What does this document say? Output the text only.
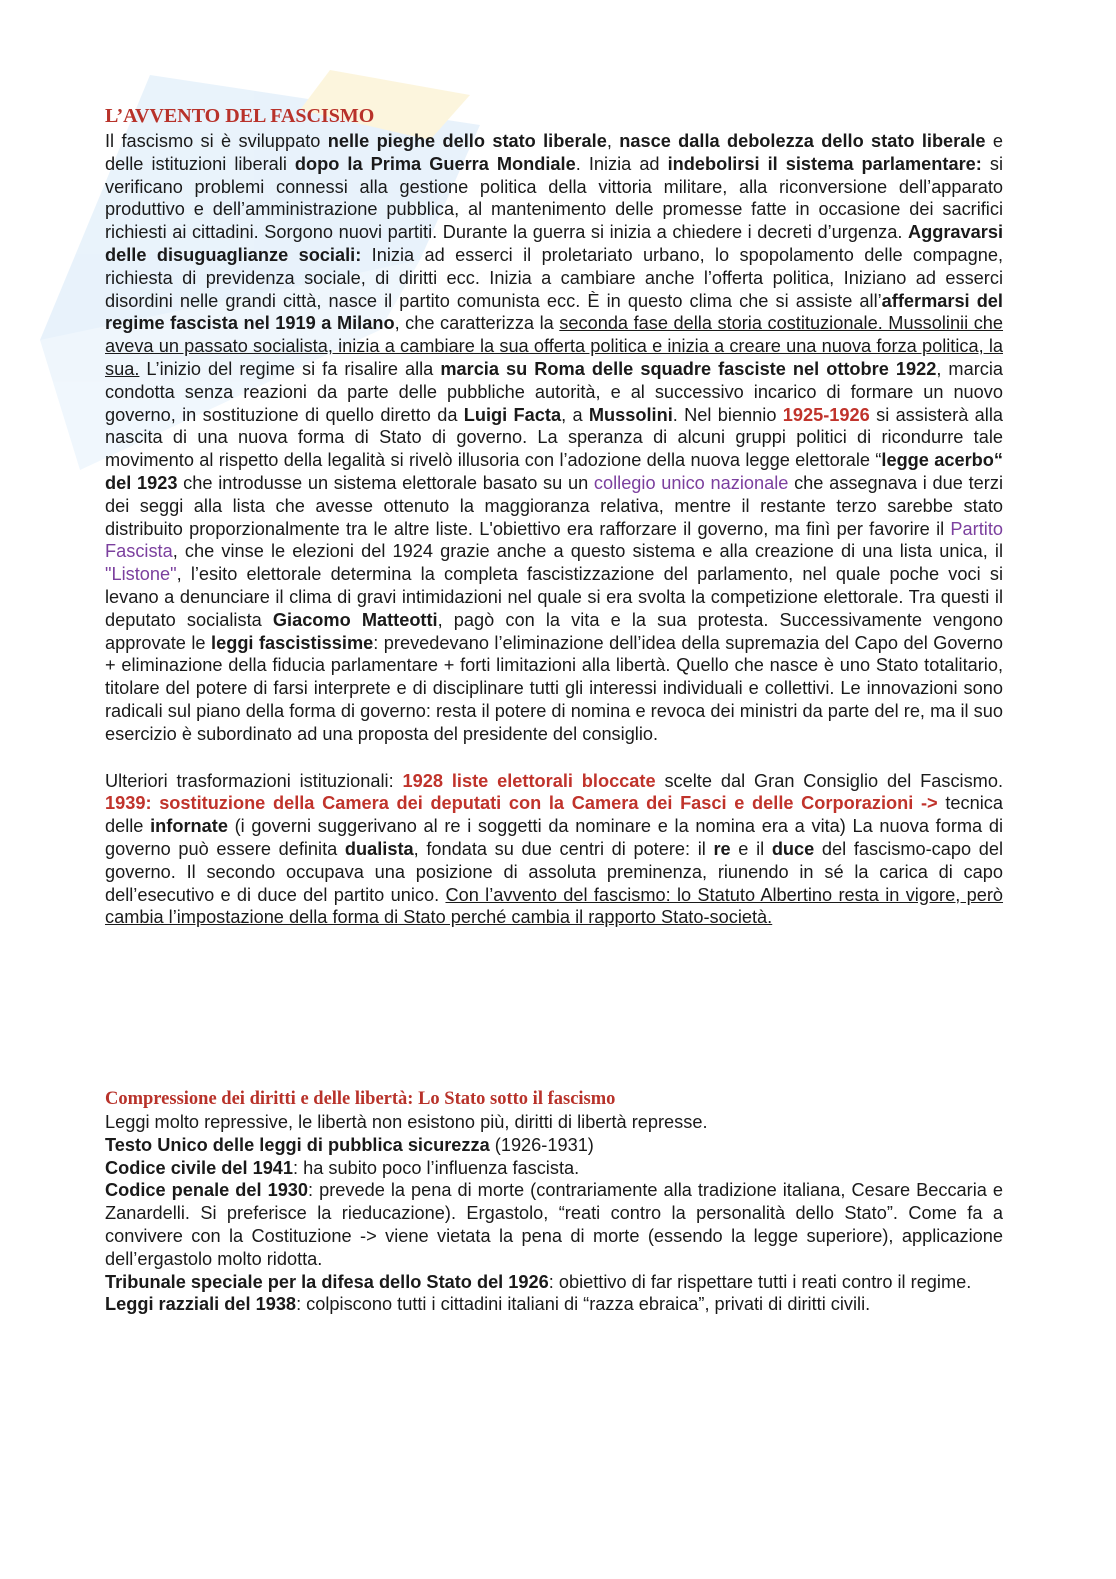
L’AVVENTO DEL FASCISMO

Il fascismo si è sviluppato nelle pieghe dello stato liberale, nasce dalla debolezza dello stato liberale e delle istituzioni liberali dopo la Prima Guerra Mondiale. Inizia ad indebolirsi il sistema parlamentare: si verificano problemi connessi alla gestione politica della vittoria militare, alla riconversione dell’apparato produttivo e dell’amministrazione pubblica, al mantenimento delle promesse fatte in occasione dei sacrifici richiesti ai cittadini. Sorgono nuovi partiti. Durante la guerra si inizia a chiedere i decreti d’urgenza. Aggravarsi delle disuguaglianze sociali: Inizia ad esserci il proletariato urbano, lo spopolamento delle compagne, richiesta di previdenza sociale, di diritti ecc. Inizia a cambiare anche l’offerta politica, Iniziano ad esserci disordini nelle grandi città, nasce il partito comunista ecc. È in questo clima che si assiste all’affermarsi del regime fascista nel 1919 a Milano, che caratterizza la seconda fase della storia costituzionale. Mussolinii che aveva un passato socialista, inizia a cambiare la sua offerta politica e inizia a creare una nuova forza politica, la sua. L’inizio del regime si fa risalire alla marcia su Roma delle squadre fasciste nel ottobre 1922, marcia condotta senza reazioni da parte delle pubbliche autorità, e al successivo incarico di formare un nuovo governo, in sostituzione di quello diretto da Luigi Facta, a Mussolini. Nel biennio 1925-1926 si assisterà alla nascita di una nuova forma di Stato di governo. La speranza di alcuni gruppi politici di ricondurre tale movimento al rispetto della legalità si rivelò illusoria con l’adozione della nuova legge elettorale “legge acerbo“ del 1923 che introdusse un sistema elettorale basato su un collegio unico nazionale che assegnava i due terzi dei seggi alla lista che avesse ottenuto la maggioranza relativa, mentre il restante terzo sarebbe stato distribuito proporzionalmente tra le altre liste. L'obiettivo era rafforzare il governo, ma finì per favorire il Partito Fascista, che vinse le elezioni del 1924 grazie anche a questo sistema e alla creazione di una lista unica, il "Listone", l’esito elettorale determina la completa fascistizzazione del parlamento, nel quale poche voci si levano a denunciare il clima di gravi intimidazioni nel quale si era svolta la competizione elettorale. Tra questi il deputato socialista Giacomo Matteotti, pagò con la vita e la sua protesta. Successivamente vengono approvate le leggi fascistissime: prevedevano l’eliminazione dell’idea della supremazia del Capo del Governo + eliminazione della fiducia parlamentare + forti limitazioni alla libertà. Quello che nasce è uno Stato totalitario, titolare del potere di farsi interprete e di disciplinare tutti gli interessi individuali e collettivi. Le innovazioni sono radicali sul piano della forma di governo: resta il potere di nomina e revoca dei ministri da parte del re, ma il suo esercizio è subordinato ad una proposta del presidente del consiglio.

Ulteriori trasformazioni istituzionali: 1928 liste elettorali bloccate scelte dal Gran Consiglio del Fascismo. 1939: sostituzione della Camera dei deputati con la Camera dei Fasci e delle Corporazioni -> tecnica delle infornate (i governi suggerivano al re i soggetti da nominare e la nomina era a vita) La nuova forma di governo può essere definita dualista, fondata su due centri di potere: il re e il duce del fascismo-capo del governo. Il secondo occupava una posizione di assoluta preminenza, riunendo in sé la carica di capo dell’esecutivo e di duce del partito unico. Con l’avvento del fascismo: lo Statuto Albertino resta in vigore, però cambia l’impostazione della forma di Stato perché cambia il rapporto Stato-società.

Compressione dei diritti e delle libertà: Lo Stato sotto il fascismo
Leggi molto repressive, le libertà non esistono più, diritti di libertà represse.
Testo Unico delle leggi di pubblica sicurezza (1926-1931)
Codice civile del 1941: ha subito poco l’influenza fascista.
Codice penale del 1930: prevede la pena di morte (contrariamente alla tradizione italiana, Cesare Beccaria e Zanardelli. Si preferisce la rieducazione). Ergastolo, “reati contro la personalità dello Stato”. Come fa a convivere con la Costituzione -> viene vietata la pena di morte (essendo la legge superiore), applicazione dell’ergastolo molto ridotta.
Tribunale speciale per la difesa dello Stato del 1926: obiettivo di far rispettare tutti i reati contro il regime.
Leggi razziali del 1938: colpiscono tutti i cittadini italiani di “razza ebraica”, privati di diritti civili.
